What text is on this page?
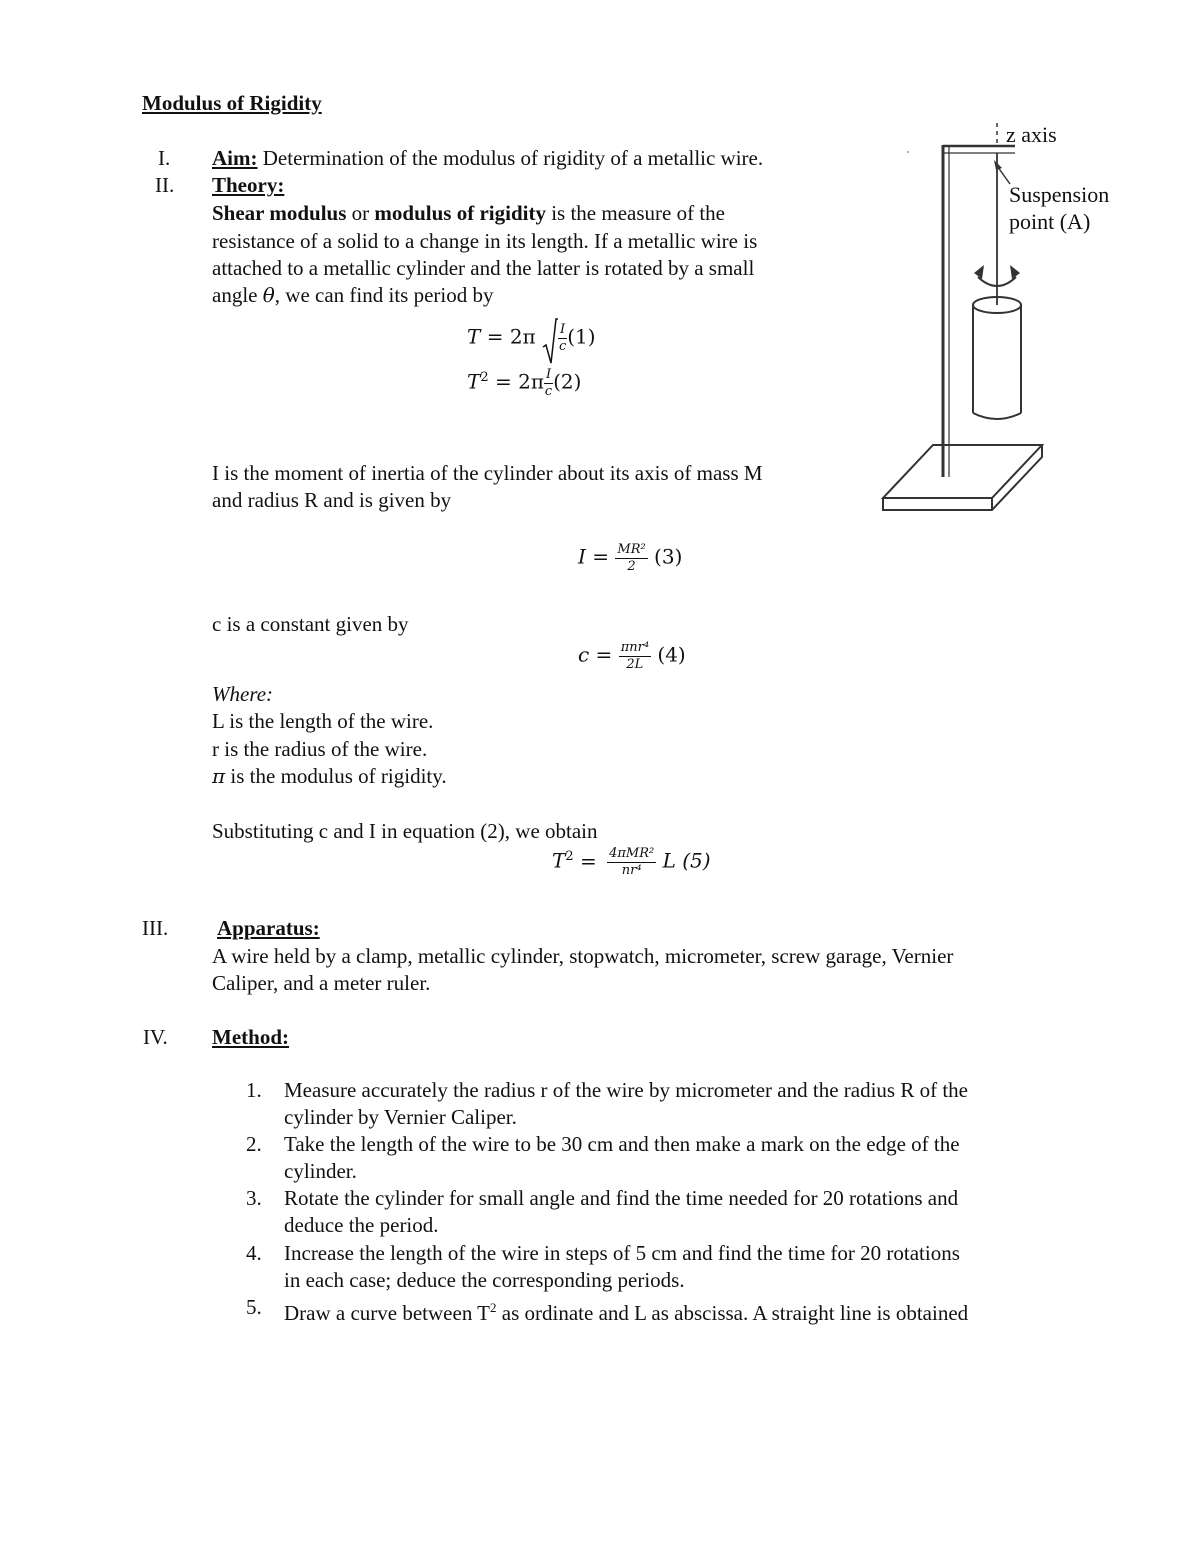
Modulus of Rigidity
I. Aim: Determination of the modulus of rigidity of a metallic wire.
II. Theory:
Shear modulus or modulus of rigidity is the measure of the
resistance of a solid to a change in its length. If a metallic wire is
attached to a metallic cylinder and the latter is rotated by a small
angle θ, we can find its period by
$T = 2\pi \frac{I}{c} (1)$
$T^2 = 2\pi \frac{I}{c} (2)$
I is the moment of inertia of the cylinder about its axis of mass M
and radius R and is given by
$I = \frac{\text{MR²}}{2} (3)$
c is a constant given by
$c = \frac{\text{πnr⁴}}{2L} (4)$
Where:
L is the length of the wire.
r is the radius of the wire.
π is the modulus of rigidity.
Substituting c and I in equation (2), we obtain
$T^2 = \frac{\text{4πMR²}}{\text{nr⁴}}$ L (5)
III. Apparatus:
A wire held by a clamp, metallic cylinder, stopwatch, micrometer, screw garage, Vernier
Caliper, and a meter ruler.
IV. Method:
1. Measure accurately the radius r of the wire by micrometer and the radius R of the
cylinder by Vernier Caliper.
2. Take the length of the wire to be 30 cm and then make a mark on the edge of the
cylinder.
3. Rotate the cylinder for small angle and find the time needed for 20 rotations and
deduce the period.
4. Increase the length of the wire in steps of 5 cm and find the time for 20 rotations
in each case; deduce the corresponding periods.
5. Draw a curve between $T^2$ as ordinate and L as abscissa. A straight line is obtained
z axis
Suspension
point (A)
